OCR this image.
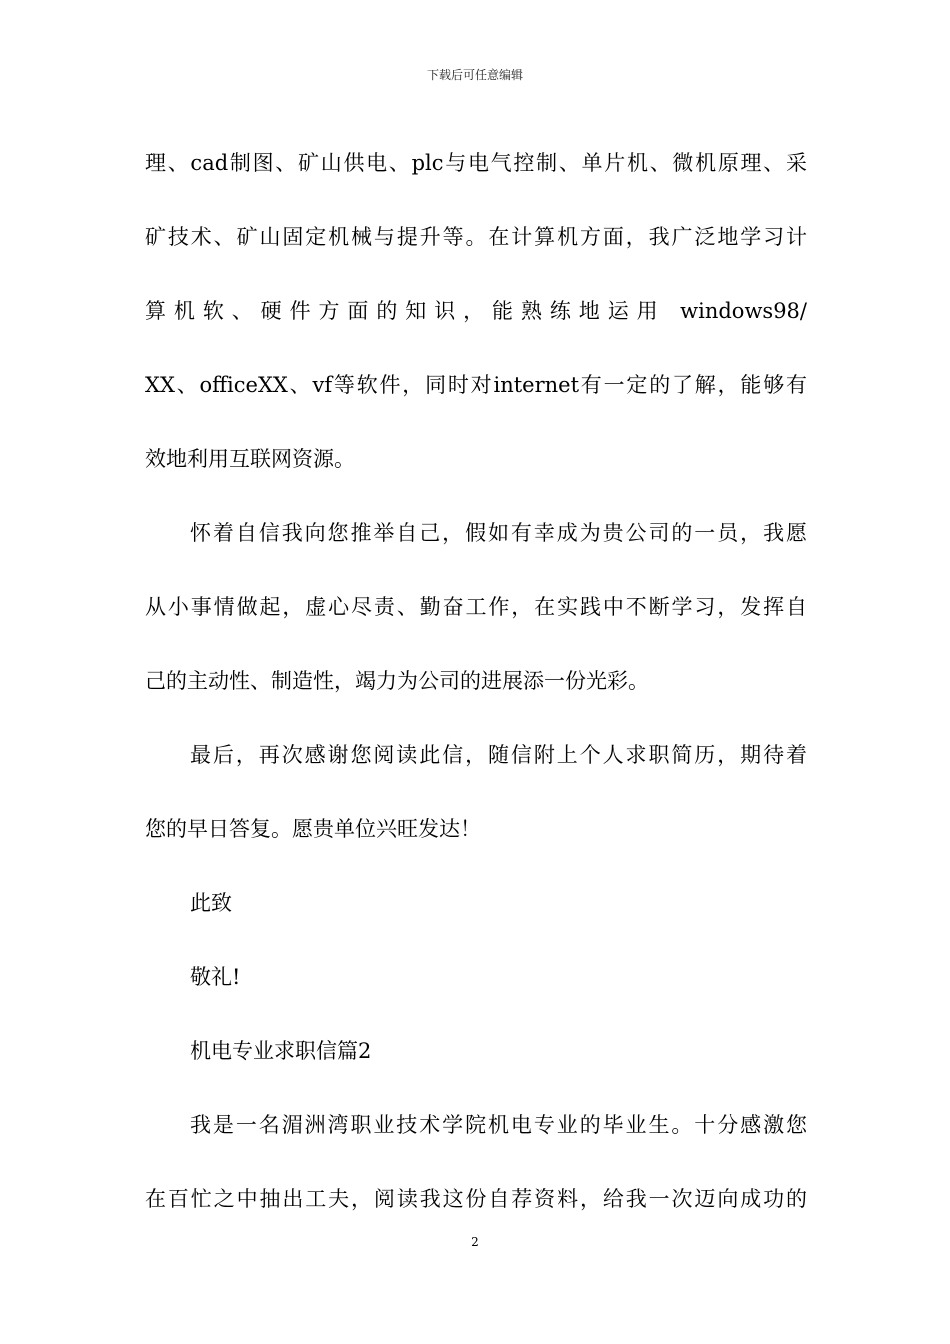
下载后可任意编辑
理、cad制图、矿山供电、plc与电气控制、单片机、微机原理、采
矿技术、矿山固定机械与提升等。在计算机方面，我广泛地学习计
算机软、硬件方面的知识，能熟练地运用 windows98/
XX、officeXX、vf等软件，同时对internet有一定的了解，能够有
效地利用互联网资源。
怀着自信我向您推举自己，假如有幸成为贵公司的一员，我愿
从小事情做起，虚心尽责、勤奋工作，在实践中不断学习，发挥自
己的主动性、制造性，竭力为公司的进展添一份光彩。
最后，再次感谢您阅读此信，随信附上个人求职简历，期待着
您的早日答复。愿贵单位兴旺发达！
此致
敬礼!
机电专业求职信篇2
我是一名湄洲湾职业技术学院机电专业的毕业生。十分感激您
在百忙之中抽出工夫，阅读我这份自荐资料，给我一次迈向成功的
2
